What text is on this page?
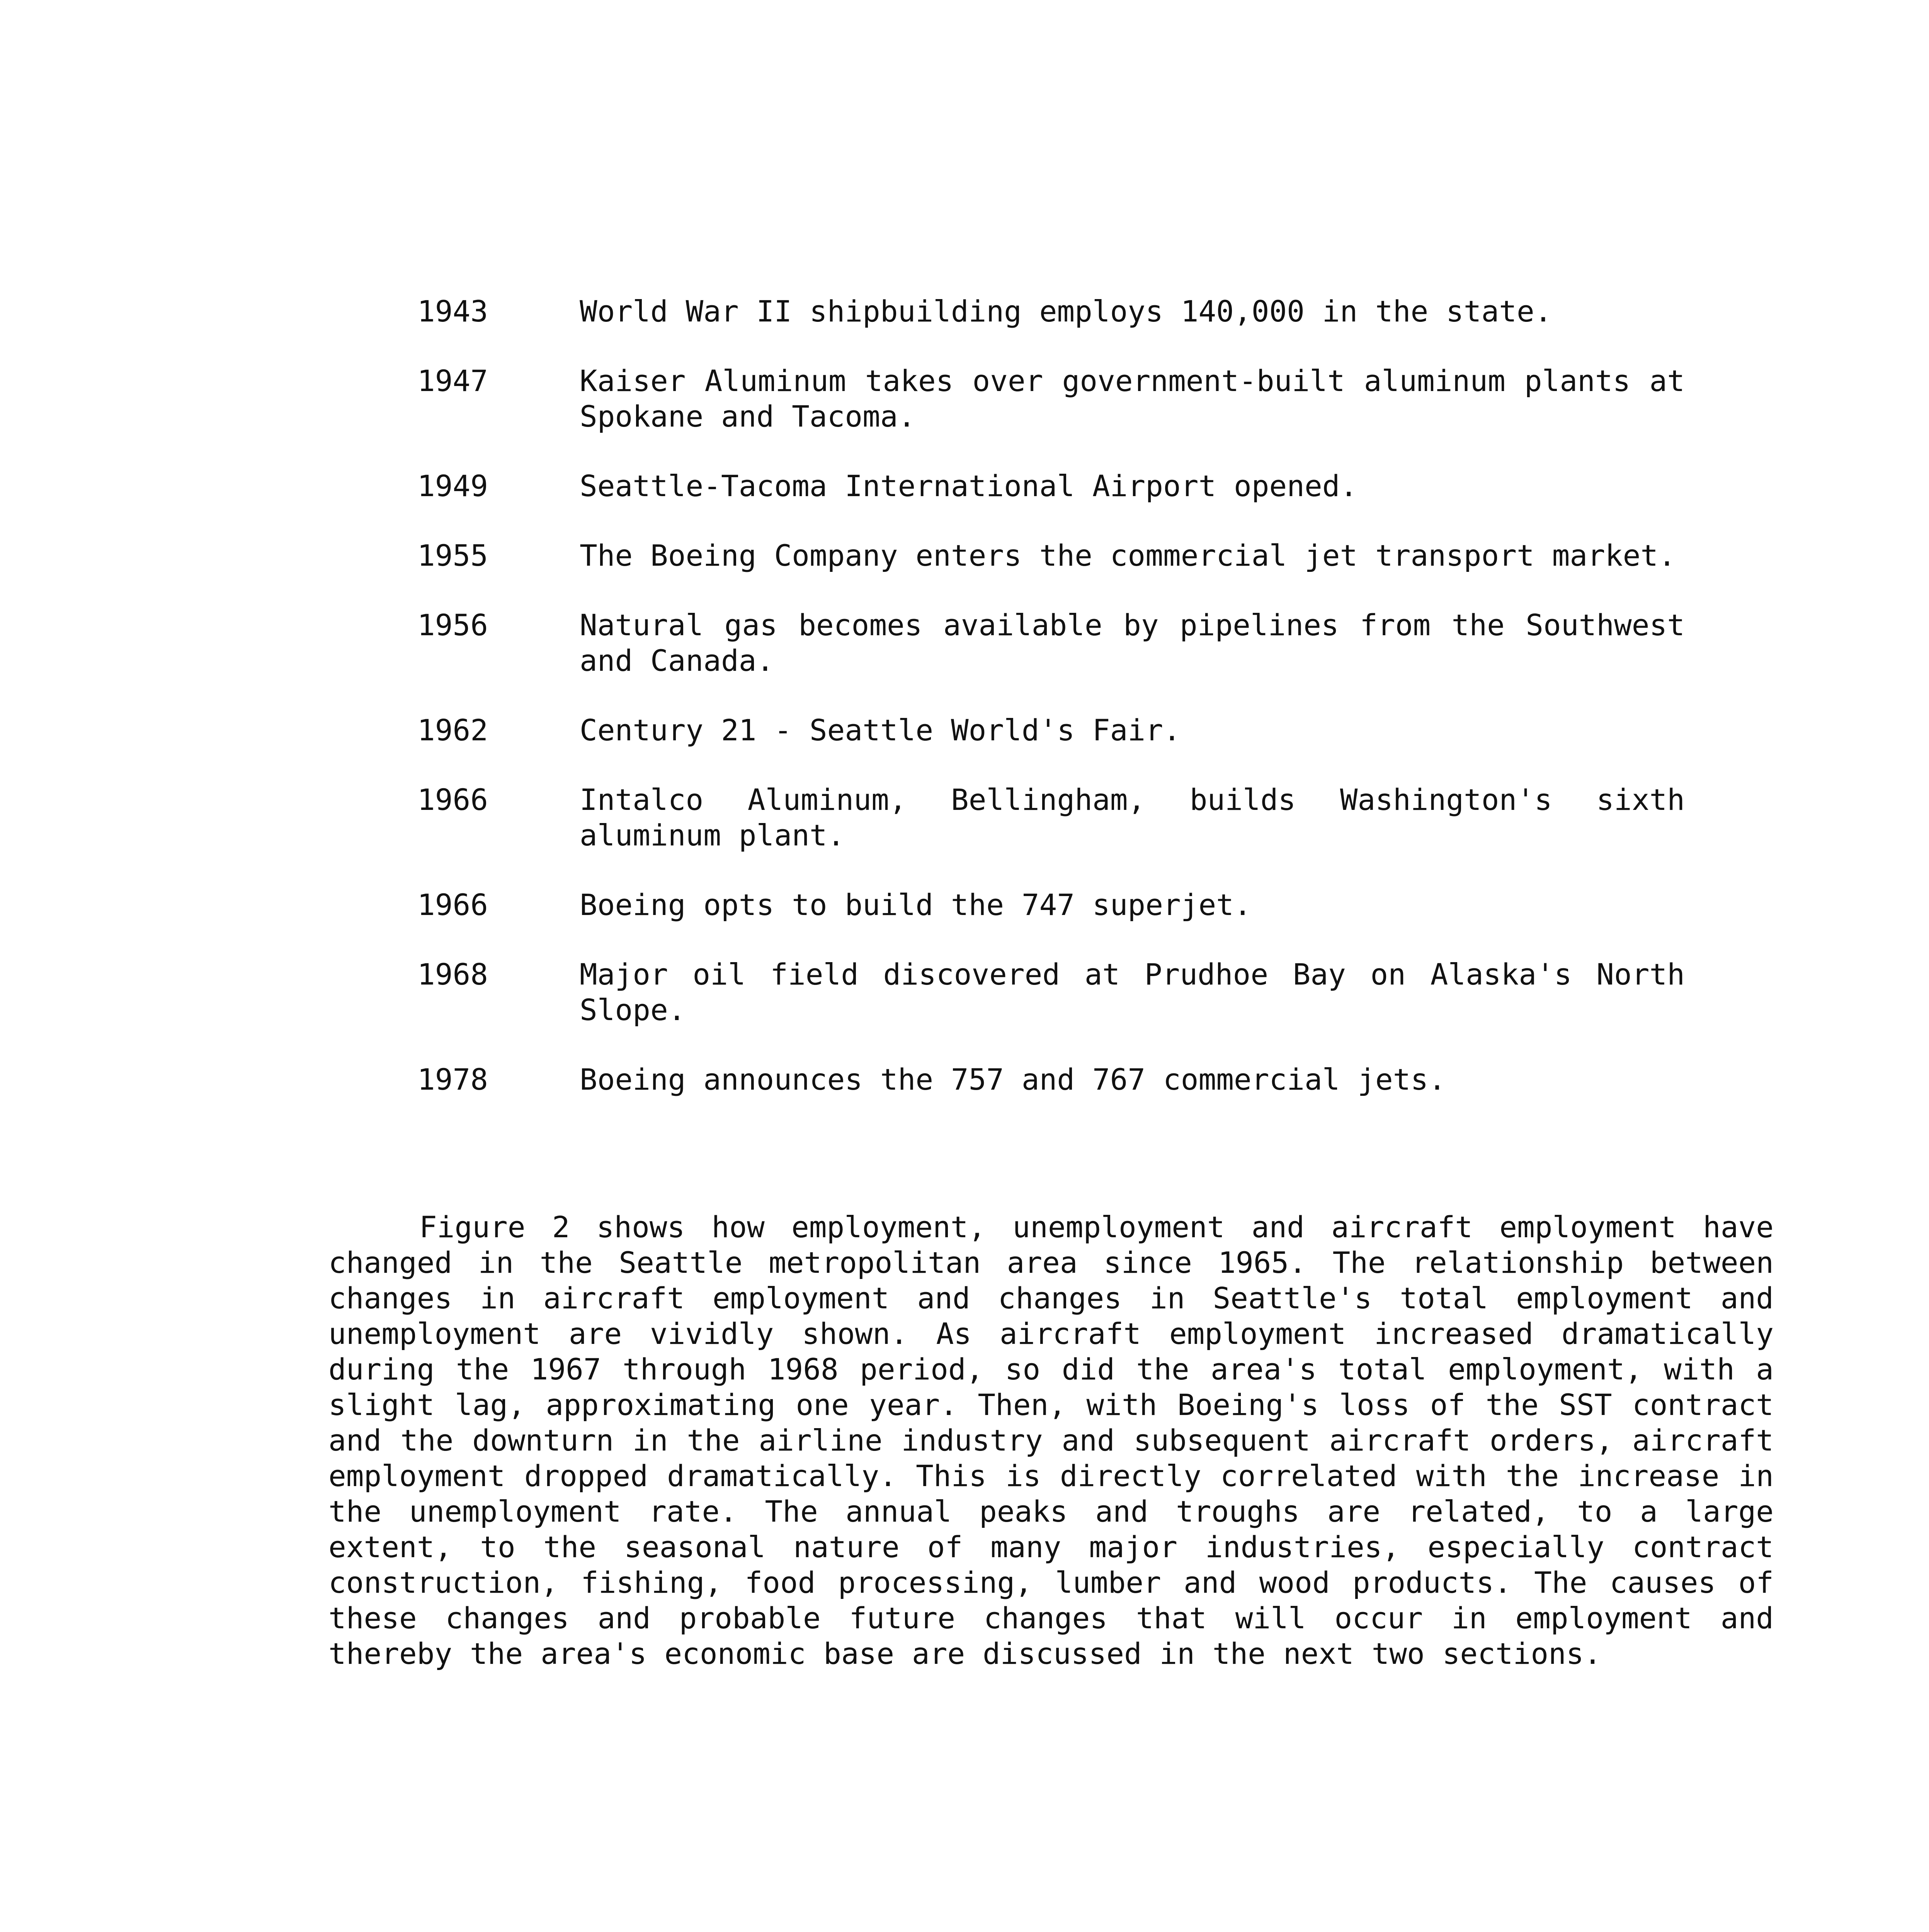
1943	World War II shipbuilding employs 140,000 in the state.
1947	Kaiser Aluminum takes over government-built aluminum plants at Spokane and Tacoma.
1949	Seattle-Tacoma International Airport opened.
1955	The Boeing Company enters the commercial jet transport market.
1956	Natural gas becomes available by pipelines from the Southwest and Canada.
1962	Century 21 - Seattle World's Fair.
1966	Intalco Aluminum, Bellingham, builds Washington's sixth aluminum plant.
1966	Boeing opts to build the 747 superjet.
1968	Major oil field discovered at Prudhoe Bay on Alaska's North Slope.
1978	Boeing announces the 757 and 767 commercial jets.

Figure 2 shows how employment, unemployment and aircraft employment have changed in the Seattle metropolitan area since 1965. The relationship between changes in aircraft employment and changes in Seattle's total employment and unemployment are vividly shown. As aircraft employment increased dramatically during the 1967 through 1968 period, so did the area's total employment, with a slight lag, approximating one year. Then, with Boeing's loss of the SST contract and the downturn in the airline industry and subsequent aircraft orders, aircraft employment dropped dramatically. This is directly correlated with the increase in the unemployment rate. The annual peaks and troughs are related, to a large extent, to the seasonal nature of many major industries, especially contract construction, fishing, food processing, lumber and wood products. The causes of these changes and probable future changes that will occur in employment and thereby the area's economic base are discussed in the next two sections.
